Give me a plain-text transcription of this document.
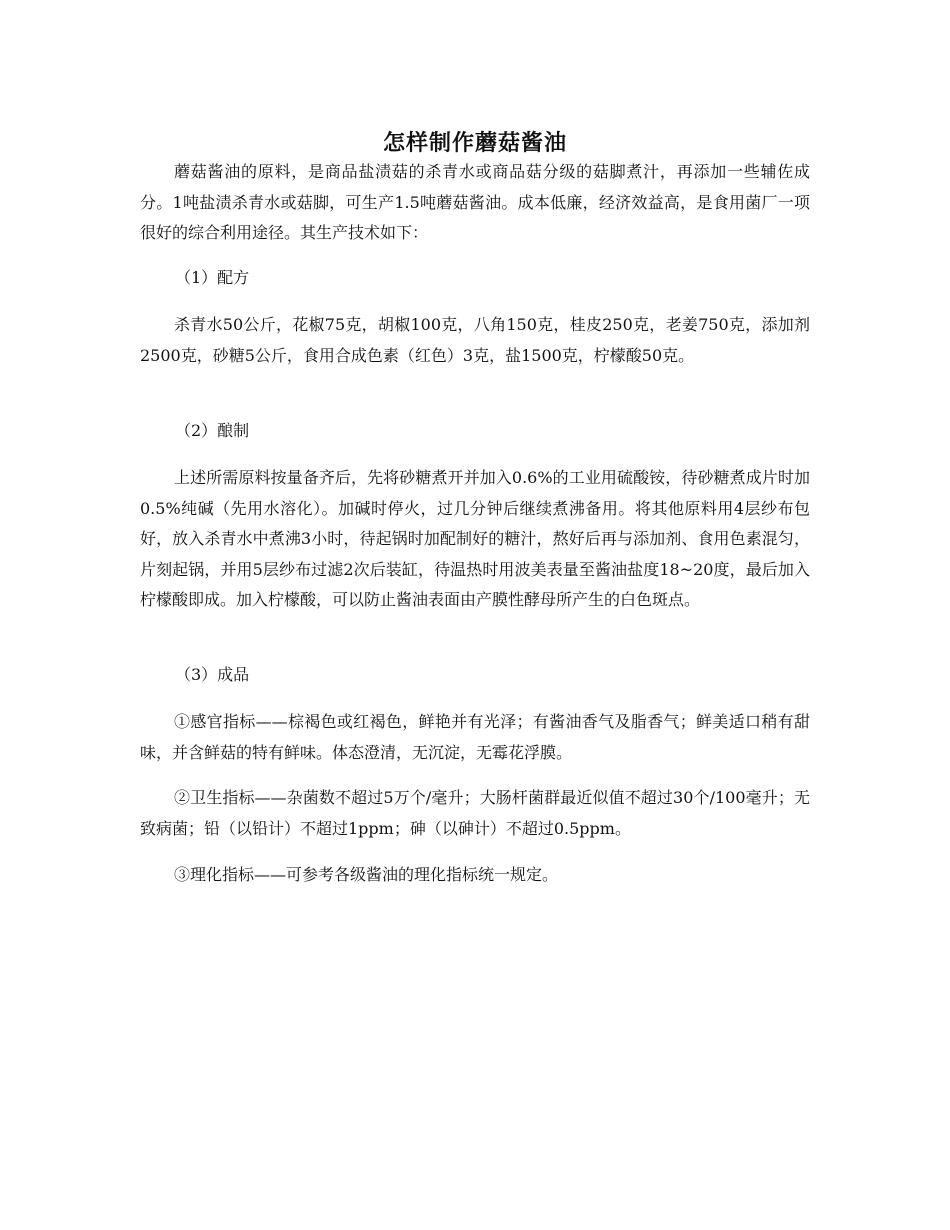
怎样制作蘑菇酱油

蘑菇酱油的原料，是商品盐渍菇的杀青水或商品菇分级的菇脚煮汁，再添加一些辅佐成分。1吨盐渍杀青水或菇脚，可生产1.5吨蘑菇酱油。成本低廉，经济效益高，是食用菌厂一项很好的综合利用途径。其生产技术如下：

（1）配方

杀青水50公斤，花椒75克，胡椒100克，八角150克，桂皮250克，老姜750克，添加剂2500克，砂糖5公斤，食用合成色素（红色）3克，盐1500克，柠檬酸50克。

（2）酿制

上述所需原料按量备齐后，先将砂糖煮开并加入0.6%的工业用硫酸铵，待砂糖煮成片时加0.5%纯碱（先用水溶化）。加碱时停火，过几分钟后继续煮沸备用。将其他原料用4层纱布包好，放入杀青水中煮沸3小时，待起锅时加配制好的糖汁，熬好后再与添加剂、食用色素混匀，片刻起锅，并用5层纱布过滤2次后装缸，待温热时用波美表量至酱油盐度18~20度，最后加入柠檬酸即成。加入柠檬酸，可以防止酱油表面由产膜性酵母所产生的白色斑点。

（3）成品

①感官指标——棕褐色或红褐色，鲜艳并有光泽；有酱油香气及脂香气；鲜美适口稍有甜味，并含鲜菇的特有鲜味。体态澄清，无沉淀，无霉花浮膜。

②卫生指标——杂菌数不超过5万个/毫升；大肠杆菌群最近似值不超过30个/100毫升；无致病菌；铅（以铅计）不超过1ppm；砷（以砷计）不超过0.5ppm。

③理化指标——可参考各级酱油的理化指标统一规定。
